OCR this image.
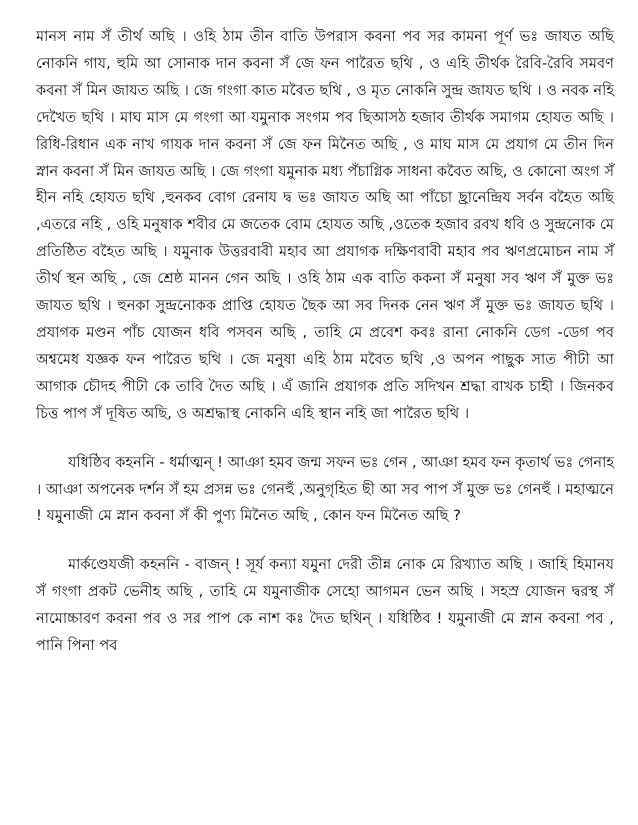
মানস নাম সঁ তীর্থ অছি । ওহি ঠাম তীন বাতি উপরাস কবনা পব সর কামনা পূর্ণ ভঃ জাযত অছি নোকনি গায, হুমি আ সোনাক দান কবনা সঁ জে ফন পারৈত ছথি , ও এহি তীর্থক রৈবি-রৈবি সমবণ কবনা সঁ মিন জাযত অছি । জে গংগা কাত মবৈত ছথি , ও মৃত নোকনি সুন্দ্র জাযত ছথি । ও নবক নহি দেখৈত ছথি । মাঘ মাস মে গংগা আ যমুনাক সংগম পব ছিআসঠ হজাব তীর্থক সমাগম হোযত অছি । রিধি-রিধান এক নাখ গাযক দান কবনা সঁ জে ফন মিনৈত অছি , ও মাঘ মাস মে প্রযাগ মে তীন দিন স্নান কবনা সঁ মিন জাযত অছি । জে গংগা যমুনাক মধ্য পঁচাগ্নিক সাধনা কবৈত অছি, ও কোনো অংগ সঁ হীন নহি হোযত ছথি ,হুনকব বোগ রেনায দ্ব ভঃ জাযত অছি আ পাঁচো ছ্রানেন্দ্রিয সর্বন বহৈত অছি ,এতরে নহি , ওহি মনুষাক শবীব মে জতেক বোম হোযত অছি ,ওতেক হজাব রবখ ধবি ও সুন্দ্রনোক মে প্রতিষ্ঠিত বহৈত অছি । যমুনাক উত্তরবাবী মহাব আ প্রযাগক দক্ষিণবাবী মহাব পব ঋণপ্রমোচন নাম সঁ তীর্থ স্থন অছি , জে শ্রেষ্ঠ মানন গেন অছি । ওহি ঠাম এক বাতি ককনা সঁ মনুষা সব ঋণ সঁ মুক্ত ভঃ জাযত ছথি । হুনকা সুন্দ্রনোকক প্রাপ্তি হোযত ছৈক আ সব দিনক নেন ঋণ সঁ মুক্ত ভঃ জাযত ছথি । প্রযাগক মণ্ডন পাঁচ যোজন ধবি পসবন অছি , তাহি মে প্রবেশ কবঃ রানা নোকনি ডেগ -ডেগ পব অশ্বমেধ যজ্ঞক ফন পারৈত ছথি । জে মনুষা এহি ঠাম মবৈত ছথি ,ও অপন পাছুক সাত পীঢী আ আগাক চৌদহ পীঢী কে তাবি দৈত অছি । এঁ জানি প্রযাগক প্রতি সদিখন শ্রদ্ধা বাখক চাহী । জিনকব চিত্ত পাপ সঁ দূষিত অছি, ও অশ্রদ্ধাস্থ নোকনি এহি স্থান নহি জা পারৈত ছথি ।

যধিষ্ঠিব কহননি - ধর্মাত্মন্ ! আঞা হমব জন্ম সফন ভঃ গেন , আঞা হমব ফন কৃতার্থ ভঃ গেনাহ । আঞা অপনেক দর্শন সঁ হম প্রসন্ন ভঃ গেনহুঁ ,অনুগৃহিত ছী আ সব পাপ সঁ মুক্ত ভঃ গেনহুঁ । মহাত্মনে ! যমুনাজী মে স্নান কবনা সঁ কী পুণ্য মিনৈত অছি , কোন ফন মিনৈত অছি ?

মার্কণ্ডেযজী কহননি - বাজন্ ! সূর্য কন্যা যমুনা দেরী তীন্ন নোক মে রিখ্যাত অছি । জাহি হিমানয সঁ গংগা প্রকট ভেনীহ অছি , তাহি মে যমুনাজীক সেহো আগমন ভেন অছি । সহস্র যোজন দ্বরস্থ সঁ নামোচ্চাবণ কবনা পব ও সর পাপ কে নাশ কঃ দৈত ছথিন্ । যধিষ্ঠিব ! যমুনাজী মে স্নান কবনা পব , পানি পিনা পব
